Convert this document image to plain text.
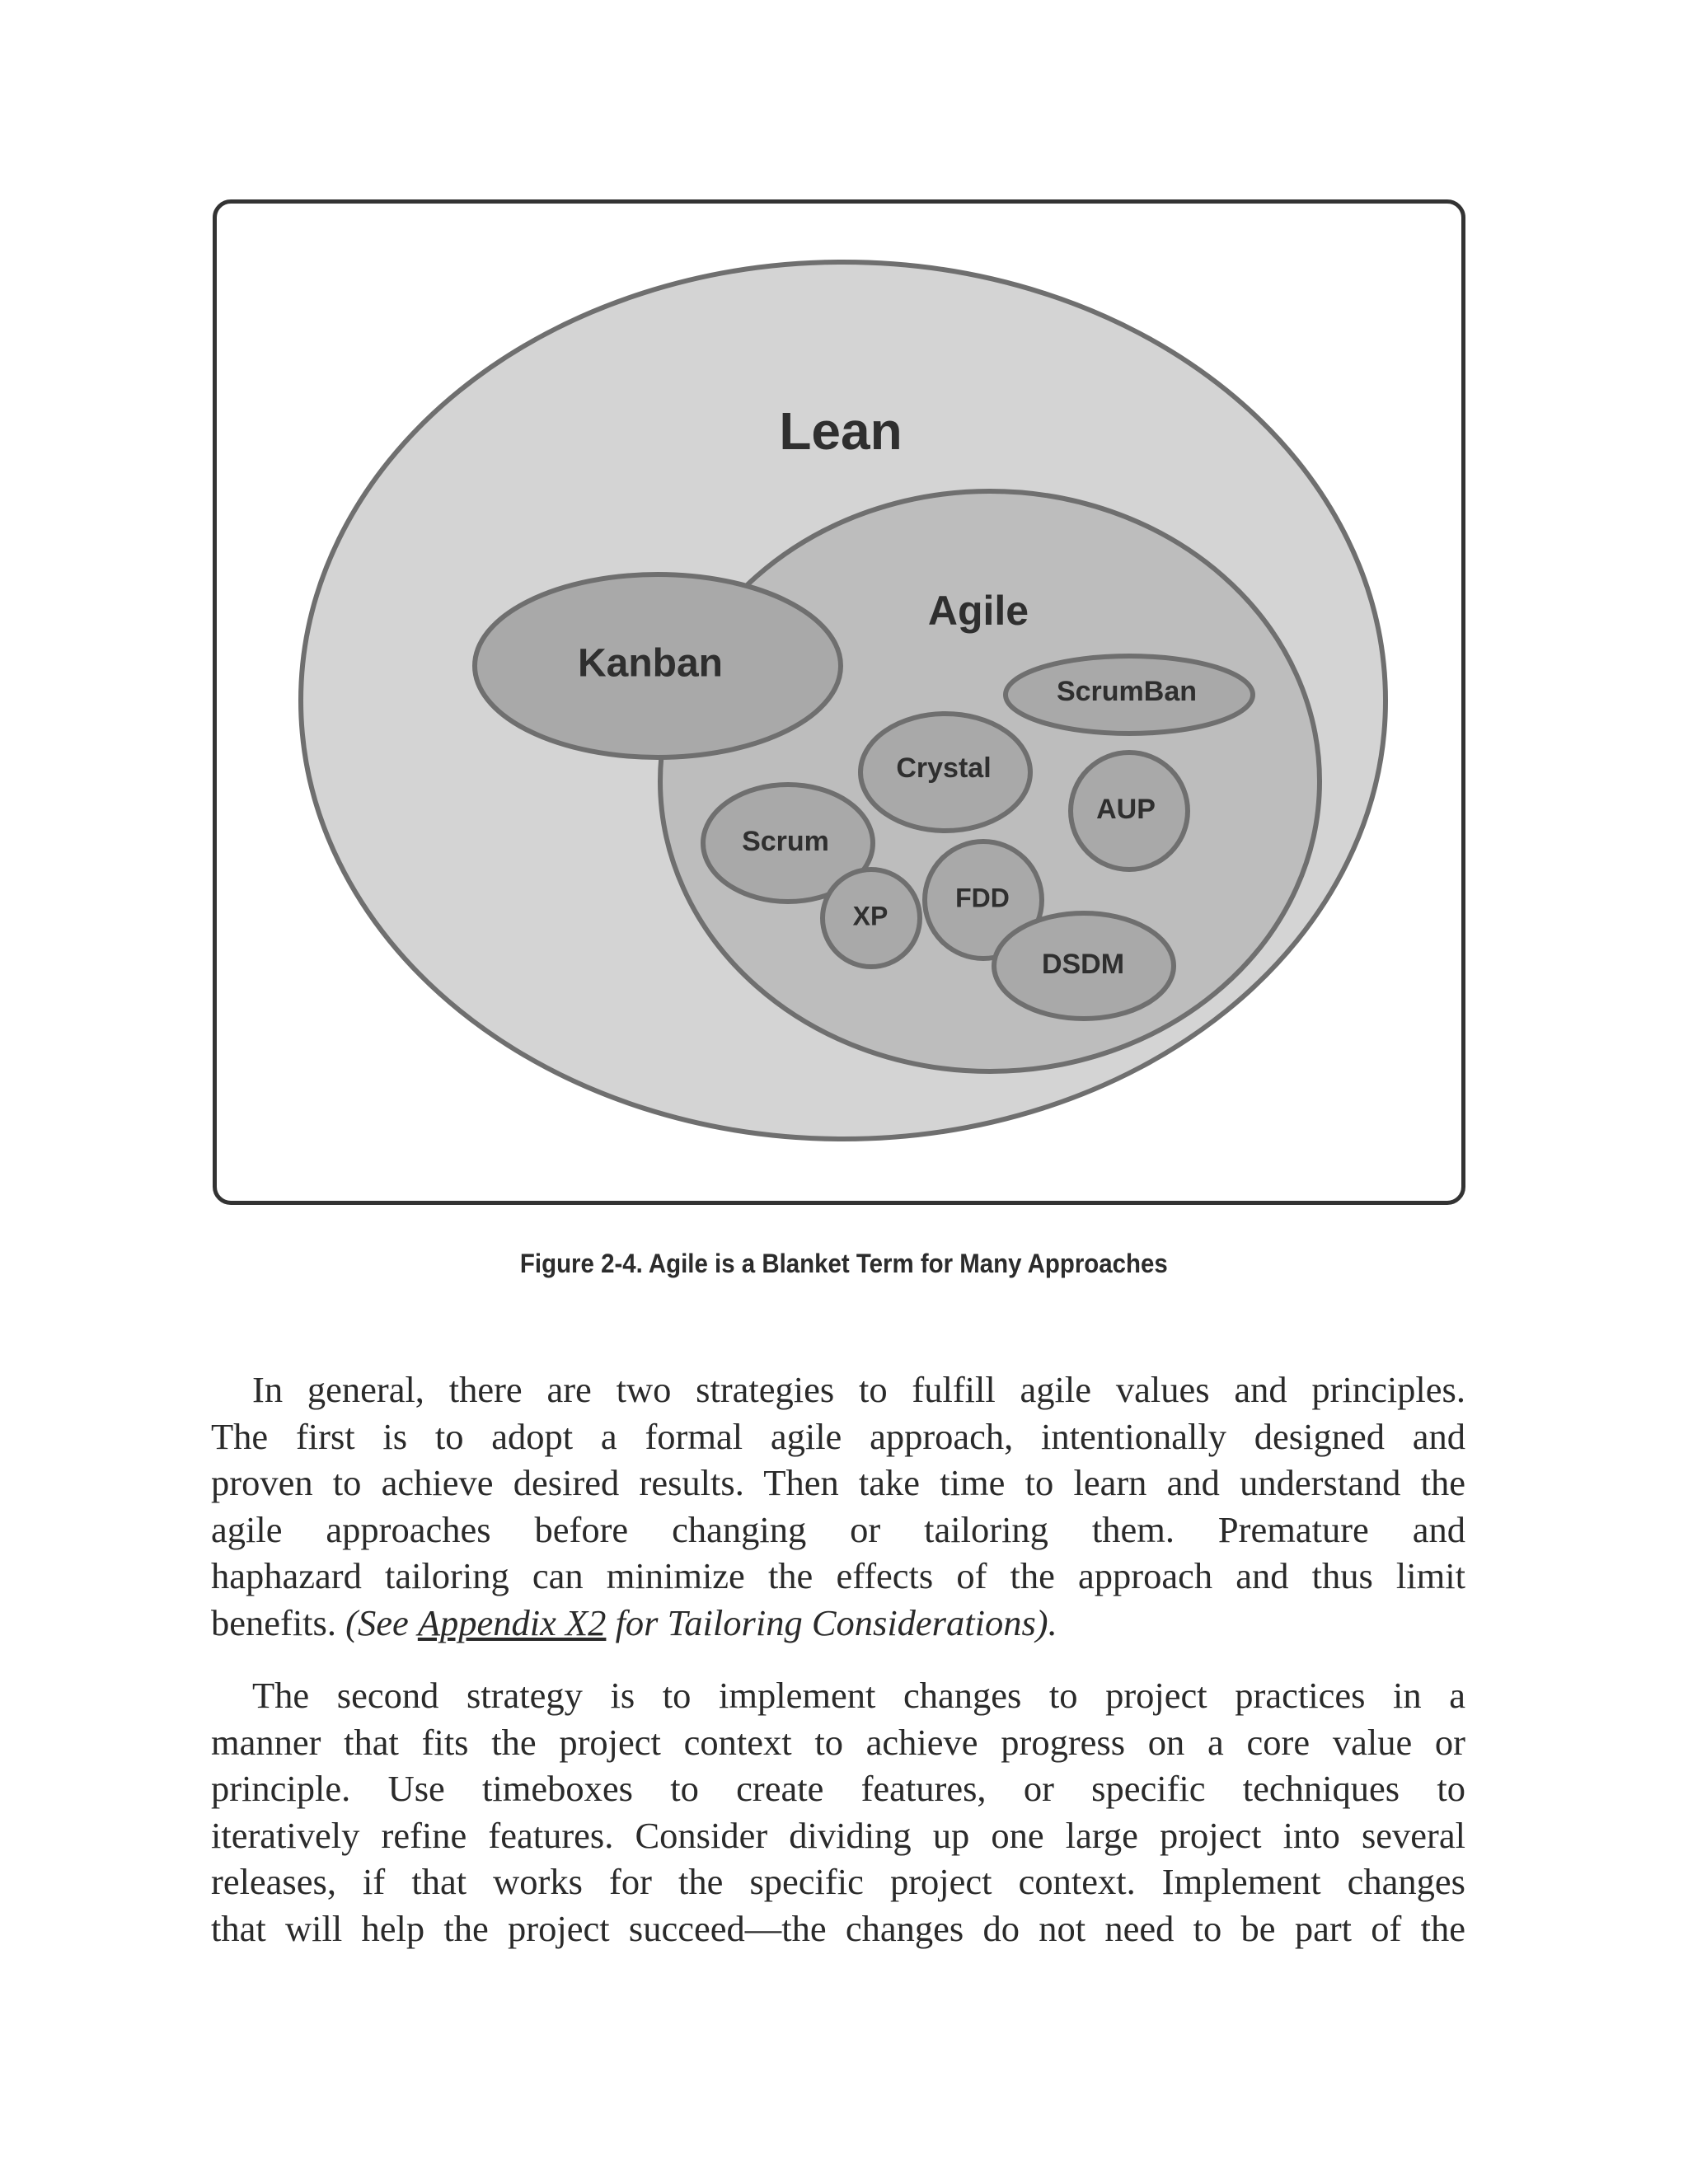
Lean
Agile
Kanban
ScrumBan
Crystal
AUP
Scrum
FDD
XP
DSDM
Figure 2-4. Agile is a Blanket Term for Many Approaches
In general, there are two strategies to fulfill agile values and principles.
The first is to adopt a formal agile approach, intentionally designed and
proven to achieve desired results. Then take time to learn and understand the
agile approaches before changing or tailoring them. Premature and
haphazard tailoring can minimize the effects of the approach and thus limit
benefits. (See Appendix X2 for Tailoring Considerations).
The second strategy is to implement changes to project practices in a
manner that fits the project context to achieve progress on a core value or
principle. Use timeboxes to create features, or specific techniques to
iteratively refine features. Consider dividing up one large project into several
releases, if that works for the specific project context. Implement changes
that will help the project succeed—the changes do not need to be part of the
